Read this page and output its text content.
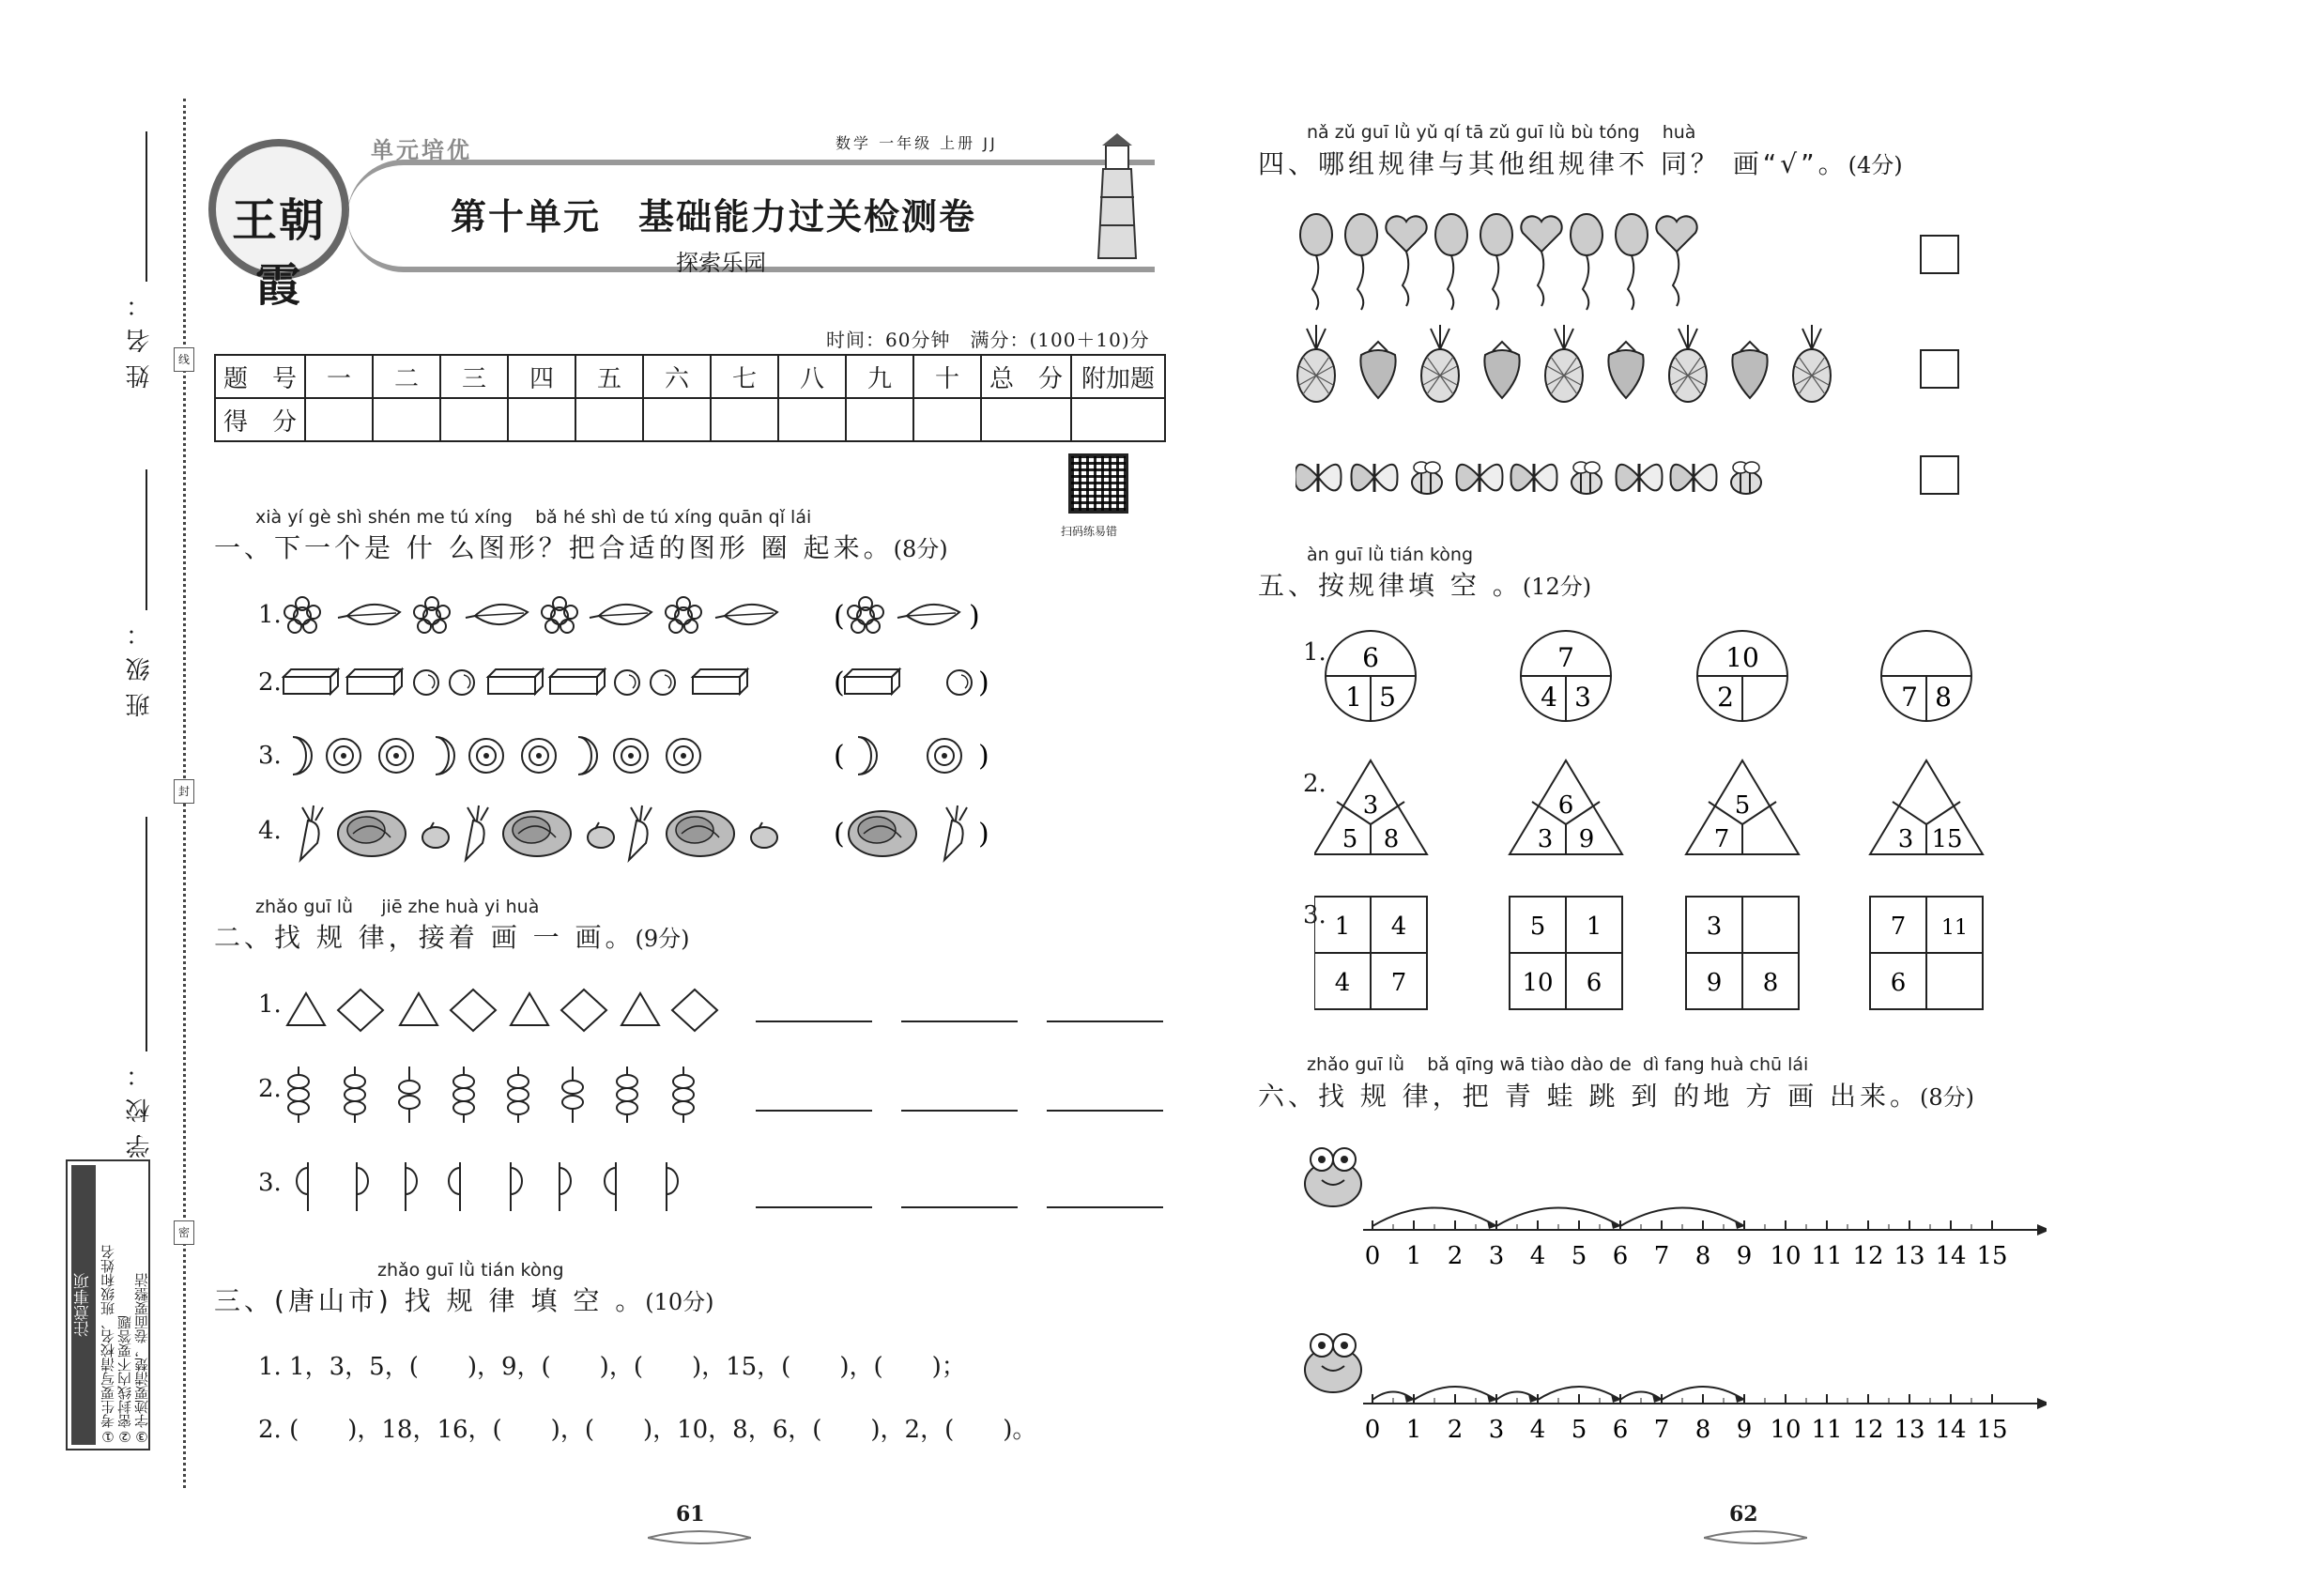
线
封
密
姓名：
班级：
学校：
注意事项 ①考生要写清校名、班级和姓名 ②密封线内不要答题 ③字迹要清楚，卷面要整洁
王朝霞
单元培优	数学 一年级 上册 JJ
第十单元　基础能力过关检测卷
探索乐园
时间：60分钟　满分：(100＋10)分
题　号	一	二	三	四	五	六	七	八	九	十	总　分	附加题
得　分												
扫码练易错
xià yí gè shì shén me tú xíng    bǎ hé shì de tú xíng quān qǐ lái
一、下一个是 什 么图形？把合适的图形 圈 起来。(8分)
1.
2.
3.
4.
(	)
(	)
(	)
(	)
zhǎo guī lǜ     jiē zhe huà yi huà
二、找 规 律，接着 画 一 画。(9分)
1.
2.
3.
zhǎo guī lǜ tián kòng
三、(唐山市) 找 规 律 填 空 。(10分)
1. 1，3，5，(　　)，9，(　　)，(　　)，15，(　　)，(　　)；
2. (　　)，18，16，(　　)，(　　)，10，8，6，(　　)，2，(　　)。
61
nǎ zǔ guī lǜ yǔ qí tā zǔ guī lǜ bù tóng    huà
四、哪组规律与其他组规律不 同？ 画“√”。(4分)
àn guī lǜ tián kòng
五、按规律填 空 。(12分)
1.
2.
3.
6
1 5
7
4 3
10
2	7 8
3
5 8
6
3 9
5
7	3 15
1 4
4 7
5 1
10 6
3
9 8
7 11
6
zhǎo guī lǜ    bǎ qīng wā tiào dào de  dì fang huà chū lái
六、找 规 律，把 青 蛙 跳 到 的地 方 画 出来。(8分)
0 1 2 3 4 5 6 7 8 9 10 11 12 13 14 15
0 1 2 3 4 5 6 7 8 9 10 11 12 13 14 15
62
